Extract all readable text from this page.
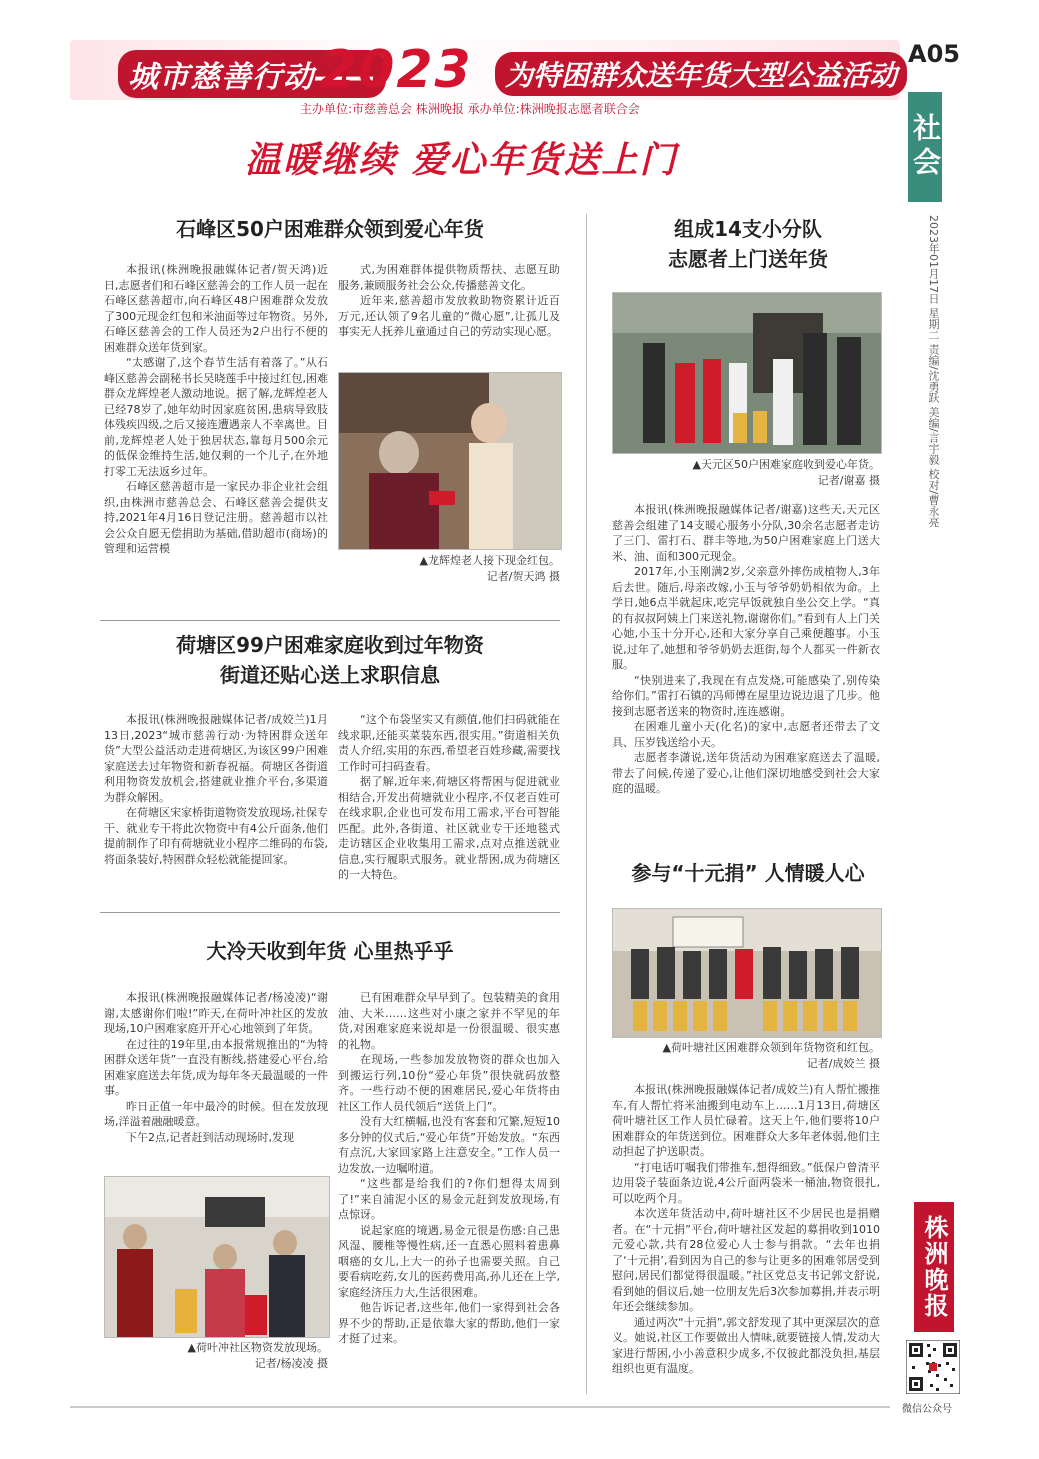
城市慈善行动——
2023	为特困群众送年货大型公益活动
主办单位:市慈善总会 株洲晚报 承办单位:株洲晚报志愿者联合会
A05
社会
2023年01月17日 星期二 责编/沈勇跃 美编/言宇毅 校对/曹永亮
温暖继续 爱心年货送上门
石峰区50户困难群众领到爱心年货

本报讯(株洲晚报融媒体记者/贺天鸿)近日,志愿者们和石峰区慈善会的工作人员一起在石峰区慈善超市,向石峰区48户困难群众发放了300元现金红包和米油面等过年物资。另外,石峰区慈善会的工作人员还为2户出行不便的困难群众送年货到家。

“太感谢了,这个春节生活有着落了。”从石峰区慈善会副秘书长吴晓莲手中接过红包,困难群众龙辉煌老人激动地说。据了解,龙辉煌老人已经78岁了,她年幼时因家庭贫困,患病导致肢体残疾四级,之后又接连遭遇亲人不幸离世。目前,龙辉煌老人处于独居状态,靠每月500余元的低保金维持生活,她仅剩的一个儿子,在外地打零工无法返乡过年。

石峰区慈善超市是一家民办非企业社会组织,由株洲市慈善总会、石峰区慈善会提供支持,2021年4月16日登记注册。慈善超市以社会公众自愿无偿捐助为基础,借助超市(商场)的管理和运营模

式,为困难群体提供物质帮扶、志愿互助服务,兼顾服务社会公众,传播慈善文化。

近年来,慈善超市发放救助物资累计近百万元,还认领了9名儿童的“微心愿”,让孤儿及事实无人抚养儿童通过自己的劳动实现心愿。

▲龙辉煌老人接下现金红包。
记者/贺天鸿 摄
荷塘区99户困难家庭收到过年物资
街道还贴心送上求职信息

本报讯(株洲晚报融媒体记者/成姣兰)1月13日,2023“城市慈善行动·为特困群众送年货”大型公益活动走进荷塘区,为该区99户困难家庭送去过年物资和新春祝福。荷塘区各街道利用物资发放机会,搭建就业推介平台,多渠道为群众解困。

在荷塘区宋家桥街道物资发放现场,社保专干、就业专干将此次物资中有4公斤面条,他们提前制作了印有荷塘就业小程序二维码的布袋,将面条装好,特困群众轻松就能提回家。

“这个布袋坚实又有颜值,他们扫码就能在线求职,还能买菜装东西,很实用。”街道相关负责人介绍,实用的东西,希望老百姓珍藏,需要找工作时可扫码查看。

据了解,近年来,荷塘区将帮困与促进就业相结合,开发出荷塘就业小程序,不仅老百姓可在线求职,企业也可发布用工需求,平台可智能匹配。此外,各街道、社区就业专干还地毯式走访辖区企业收集用工需求,点对点推送就业信息,实行履职式服务。就业帮困,成为荷塘区的一大特色。

大冷天收到年货 心里热乎乎

本报讯(株洲晚报融媒体记者/杨凌凌)“谢谢,太感谢你们啦!”昨天,在荷叶冲社区的发放现场,10户困难家庭开开心心地领到了年货。

在过往的19年里,由本报常规推出的“为特困群众送年货”一直没有断线,搭建爱心平台,给困难家庭送去年货,成为每年冬天最温暖的一件事。

昨日正值一年中最冷的时候。但在发放现场,洋溢着融融暖意。

下午2点,记者赶到活动现场时,发现

▲荷叶冲社区物资发放现场。
记者/杨凌凌 摄

已有困难群众早早到了。包装精美的食用油、大米……这些对小康之家并不罕见的年货,对困难家庭来说却是一份很温暖、很实惠的礼物。

在现场,一些参加发放物资的群众也加入到搬运行列,10份“爱心年货”很快就码放整齐。一些行动不便的困难居民,爱心年货将由社区工作人员代领后“送货上门”。

没有大红横幅,也没有客套和冗繁,短短10多分钟的仪式后,“爱心年货”开始发放。“东西有点沉,大家回家路上注意安全。”工作人员一边发放,一边嘱咐道。

“这些都是给我们的?你们想得太周到了!”来自浦泥小区的易金元赶到发放现场,有点惊讶。

说起家庭的境遇,易金元很是伤感:自己患风湿、腰椎等慢性病,还一直悉心照料着患鼻咽癌的女儿,上大一的孙子也需要关照。自己要看病吃药,女儿的医药费用高,孙儿还在上学,家庭经济压力大,生活很困难。

他告诉记者,这些年,他们一家得到社会各界不少的帮助,正是依靠大家的帮助,他们一家才挺了过来。

组成14支小分队
志愿者上门送年货
▲天元区50户困难家庭收到爱心年货。
记者/谢嘉 摄

本报讯(株洲晚报融媒体记者/谢嘉)这些天,天元区慈善会组建了14支暖心服务小分队,30余名志愿者走访了三门、雷打石、群丰等地,为50户困难家庭上门送大米、油、面和300元现金。

2017年,小玉刚满2岁,父亲意外摔伤成植物人,3年后去世。随后,母亲改嫁,小玉与爷爷奶奶相依为命。上学日,她6点半就起床,吃完早饭就独自坐公交上学。“真的有叔叔阿姨上门来送礼物,谢谢你们。”看到有人上门关心她,小玉十分开心,还和大家分享自己乘便趣事。小玉说,过年了,她想和爷爷奶奶去逛街,每个人都买一件新衣服。

“快别进来了,我现在有点发烧,可能感染了,别传染给你们。”雷打石镇的冯师傅在屋里边说边退了几步。他接到志愿者送来的物资时,连连感谢。

在困难儿童小天(化名)的家中,志愿者还带去了文具、压岁钱送给小天。

志愿者李潇说,送年货活动为困难家庭送去了温暖,带去了问候,传递了爱心,让他们深切地感受到社会大家庭的温暖。

参与“十元捐” 人情暖人心
▲荷叶塘社区困难群众领到年货物资和红包。
记者/成姣兰 摄

本报讯(株洲晚报融媒体记者/成姣兰)有人帮忙搬推车,有人帮忙将米油搬到电动车上……1月13日,荷塘区荷叶塘社区工作人员忙碌着。这天上午,他们要将10户困难群众的年货送到位。困难群众大多年老体弱,他们主动担起了护送职责。

“打电话叮嘱我们带推车,想得细致。”低保户曾清平边用袋子装面条边说,4公斤面两袋米一桶油,物资很扎,可以吃两个月。

本次送年货活动中,荷叶塘社区不少居民也是捐赠者。在“十元捐”平台,荷叶塘社区发起的募捐收到1010元爱心款,共有28位爱心人士参与捐款。“去年也捐了‘十元捐’,看到因为自己的参与让更多的困难邻居受到慰问,居民们都觉得很温暖。”社区党总支书记郭文舒说,看到她的倡议后,她一位朋友先后3次参加募捐,并表示明年还会继续参加。

通过两次“十元捐”,郭文舒发现了其中更深层次的意义。她说,社区工作要做出人情味,就要链接人情,发动大家进行帮困,小小善意积少成多,不仅彼此都没负担,基层组织也更有温度。

株洲晚报
微信公众号
